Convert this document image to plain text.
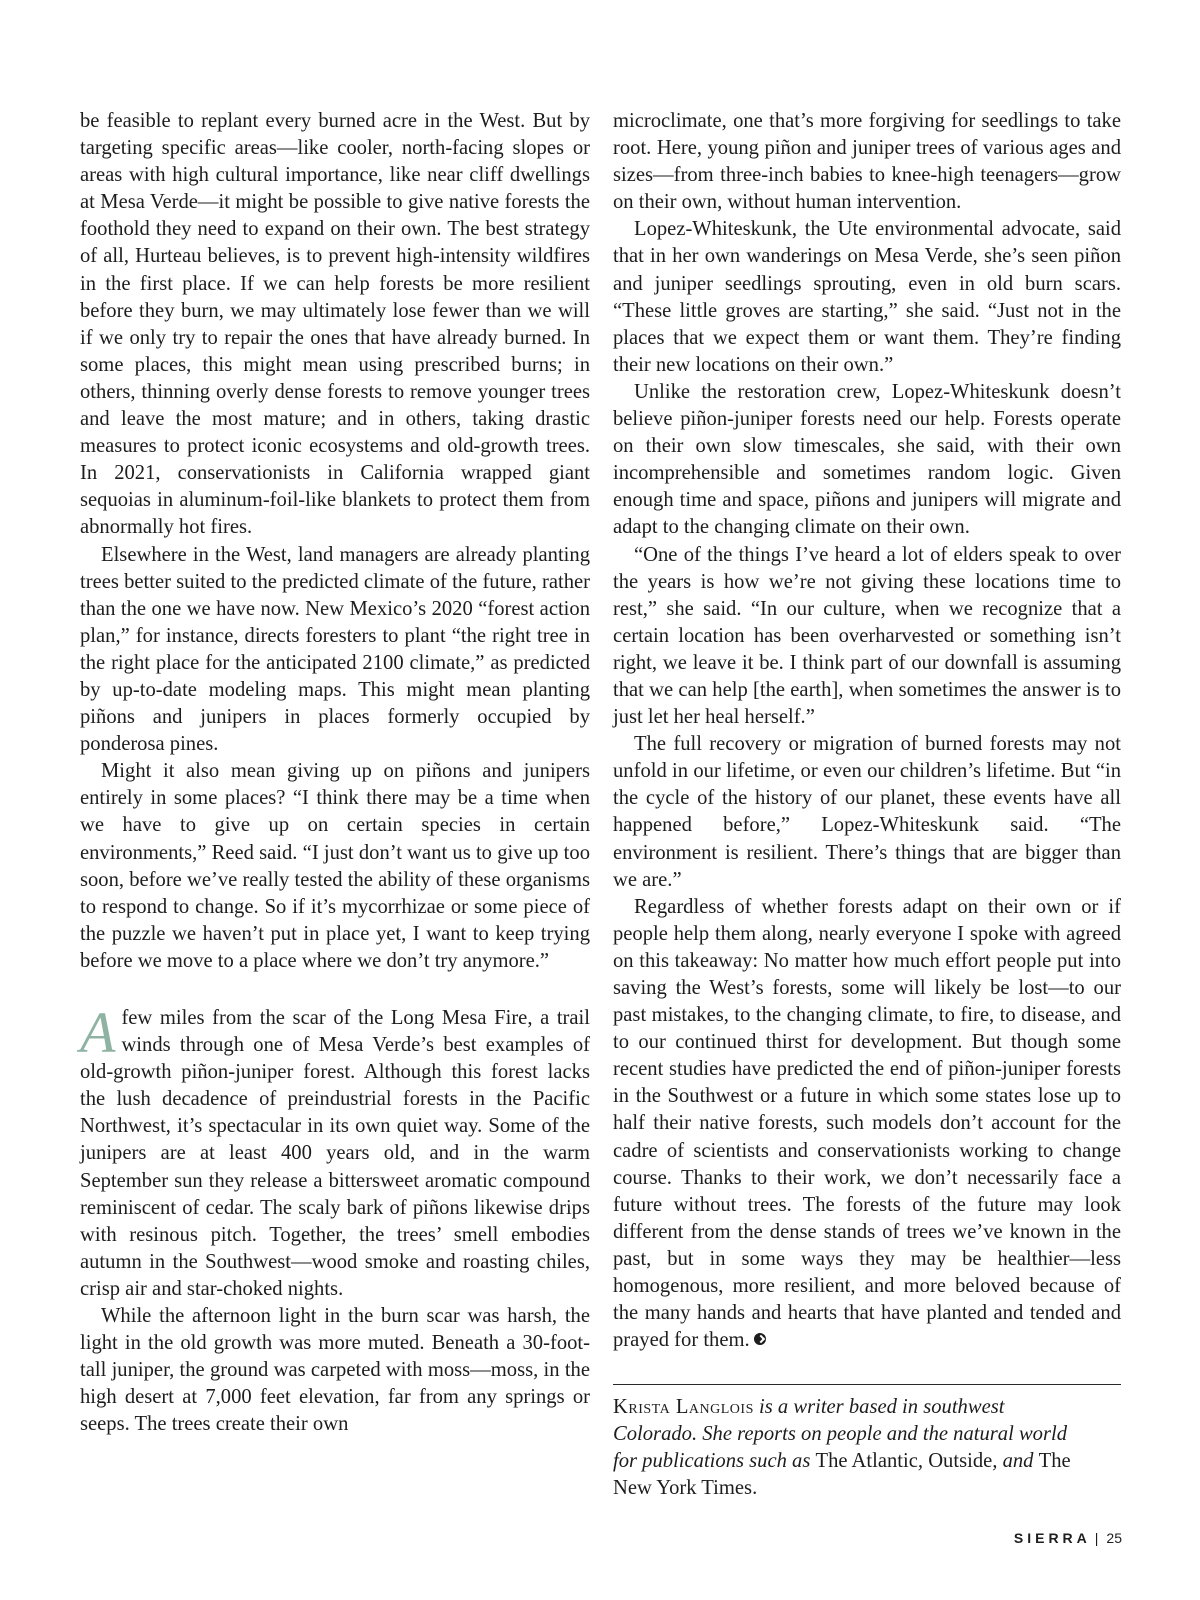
be feasible to replant every burned acre in the West. But by targeting specific areas—like cooler, north-facing slopes or areas with high cultural importance, like near cliff dwellings at Mesa Verde—it might be possible to give native forests the foothold they need to expand on their own. The best strategy of all, Hurteau believes, is to prevent high-intensity wildfires in the first place. If we can help forests be more resilient before they burn, we may ultimately lose fewer than we will if we only try to repair the ones that have already burned. In some places, this might mean using prescribed burns; in others, thinning overly dense forests to remove younger trees and leave the most mature; and in others, taking drastic measures to protect iconic ecosystems and old-growth trees. In 2021, conservationists in California wrapped giant sequoias in aluminum-foil-like blankets to protect them from abnormally hot fires.

Elsewhere in the West, land managers are already planting trees better suited to the predicted climate of the future, rather than the one we have now. New Mexico’s 2020 “forest action plan,” for instance, directs foresters to plant “the right tree in the right place for the anticipated 2100 climate,” as predicted by up-to-date modeling maps. This might mean planting piñons and junipers in places formerly occupied by ponderosa pines.

Might it also mean giving up on piñons and junipers entirely in some places? “I think there may be a time when we have to give up on certain species in certain environments,” Reed said. “I just don’t want us to give up too soon, before we’ve really tested the ability of these organisms to respond to change. So if it’s mycorrhizae or some piece of the puzzle we haven’t put in place yet, I want to keep trying before we move to a place where we don’t try anymore.”

Afew miles from the scar of the Long Mesa Fire, a trail winds through one of Mesa Verde’s best examples of old-growth piñon-juniper forest. Although this forest lacks the lush decadence of preindustrial forests in the Pacific Northwest, it’s spectacular in its own quiet way. Some of the junipers are at least 400 years old, and in the warm September sun they release a bittersweet aromatic compound reminiscent of cedar. The scaly bark of piñons likewise drips with resinous pitch. Together, the trees’ smell embodies autumn in the Southwest—wood smoke and roasting chiles, crisp air and star-choked nights.

While the afternoon light in the burn scar was harsh, the light in the old growth was more muted. Beneath a 30-foot-tall juniper, the ground was carpeted with moss—moss, in the high desert at 7,000 feet elevation, far from any springs or seeps. The trees create their own

microclimate, one that’s more forgiving for seedlings to take root. Here, young piñon and juniper trees of various ages and sizes—from three-inch babies to knee-high teenagers—grow on their own, without human intervention.

Lopez-Whiteskunk, the Ute environmental advocate, said that in her own wanderings on Mesa Verde, she’s seen piñon and juniper seedlings sprouting, even in old burn scars. “These little groves are starting,” she said. “Just not in the places that we expect them or want them. They’re finding their new locations on their own.”

Unlike the restoration crew, Lopez-Whiteskunk doesn’t believe piñon-juniper forests need our help. Forests operate on their own slow timescales, she said, with their own incomprehensible and sometimes random logic. Given enough time and space, piñons and junipers will migrate and adapt to the changing climate on their own.

“One of the things I’ve heard a lot of elders speak to over the years is how we’re not giving these locations time to rest,” she said. “In our culture, when we recognize that a certain location has been overharvested or something isn’t right, we leave it be. I think part of our downfall is assuming that we can help [the earth], when sometimes the answer is to just let her heal herself.”

The full recovery or migration of burned forests may not unfold in our lifetime, or even our children’s lifetime. But “in the cycle of the history of our planet, these events have all happened before,” Lopez-Whiteskunk said. “The environment is resilient. There’s things that are bigger than we are.”

Regardless of whether forests adapt on their own or if people help them along, nearly everyone I spoke with agreed on this takeaway: No matter how much effort people put into saving the West’s forests, some will likely be lost—to our past mistakes, to the changing climate, to fire, to disease, and to our continued thirst for development. But though some recent studies have predicted the end of piñon-juniper forests in the Southwest or a future in which some states lose up to half their native forests, such models don’t account for the cadre of scientists and conservationists working to change course. Thanks to their work, we don’t necessarily face a future without trees. The forests of the future may look different from the dense stands of trees we’ve known in the past, but in some ways they may be healthier—less homogenous, more resilient, and more beloved because of the many hands and hearts that have planted and tended and prayed for them.

Krista Langlois is a writer based in southwest Colorado. She reports on people and the natural world for publications such as The Atlantic, Outside, and The New York Times.
SIERRA | 25
